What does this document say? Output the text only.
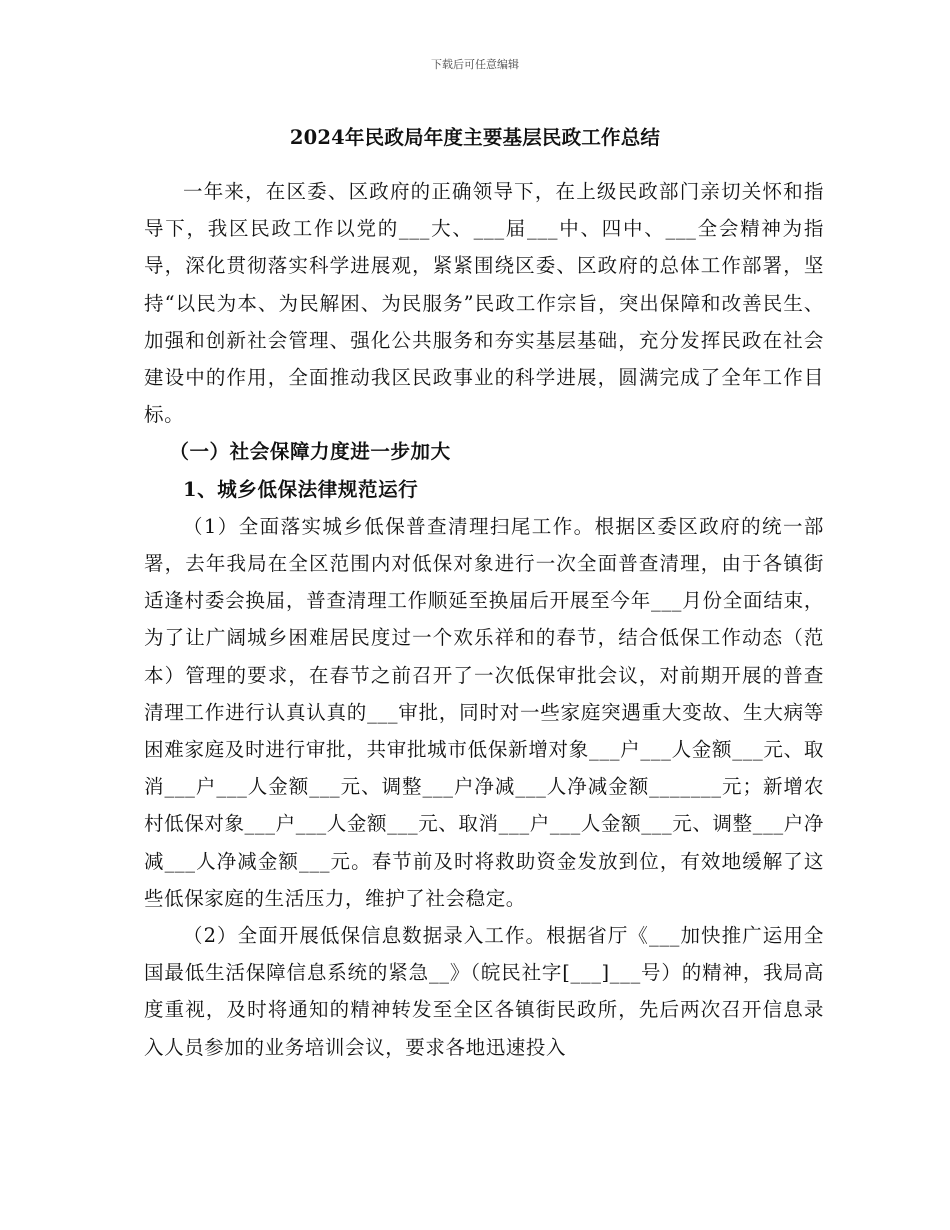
下载后可任意编辑
2024年民政局年度主要基层民政工作总结

一年来，在区委、区政府的正确领导下，在上级民政部门亲切关怀和指导下，我区民政工作以党的___大、___届___中、四中、___全会精神为指导，深化贯彻落实科学进展观，紧紧围绕区委、区政府的总体工作部署，坚持“以民为本、为民解困、为民服务”民政工作宗旨，突出保障和改善民生、加强和创新社会管理、强化公共服务和夯实基层基础，充分发挥民政在社会建设中的作用，全面推动我区民政事业的科学进展，圆满完成了全年工作目标。

（一）社会保障力度进一步加大

1、城乡低保法律规范运行

（1）全面落实城乡低保普查清理扫尾工作。根据区委区政府的统一部署，去年我局在全区范围内对低保对象进行一次全面普查清理，由于各镇街适逢村委会换届，普查清理工作顺延至换届后开展至今年___月份全面结束，为了让广阔城乡困难居民度过一个欢乐祥和的春节，结合低保工作动态（范本）管理的要求，在春节之前召开了一次低保审批会议，对前期开展的普查清理工作进行认真认真的___审批，同时对一些家庭突遇重大变故、生大病等困难家庭及时进行审批，共审批城市低保新增对象___户___人金额___元、取消___户___人金额___元、调整___户净减___人净减金额_______元；新增农村低保对象___户___人金额___元、取消___户___人金额___元、调整___户净减___人净减金额___元。春节前及时将救助资金发放到位，有效地缓解了这些低保家庭的生活压力，维护了社会稳定。

（2）全面开展低保信息数据录入工作。根据省厅《___加快推广运用全国最低生活保障信息系统的紧急__》（皖民社字[___]___号）的精神，我局高度重视，及时将通知的精神转发至全区各镇街民政所，先后两次召开信息录入人员参加的业务培训会议，要求各地迅速投入
